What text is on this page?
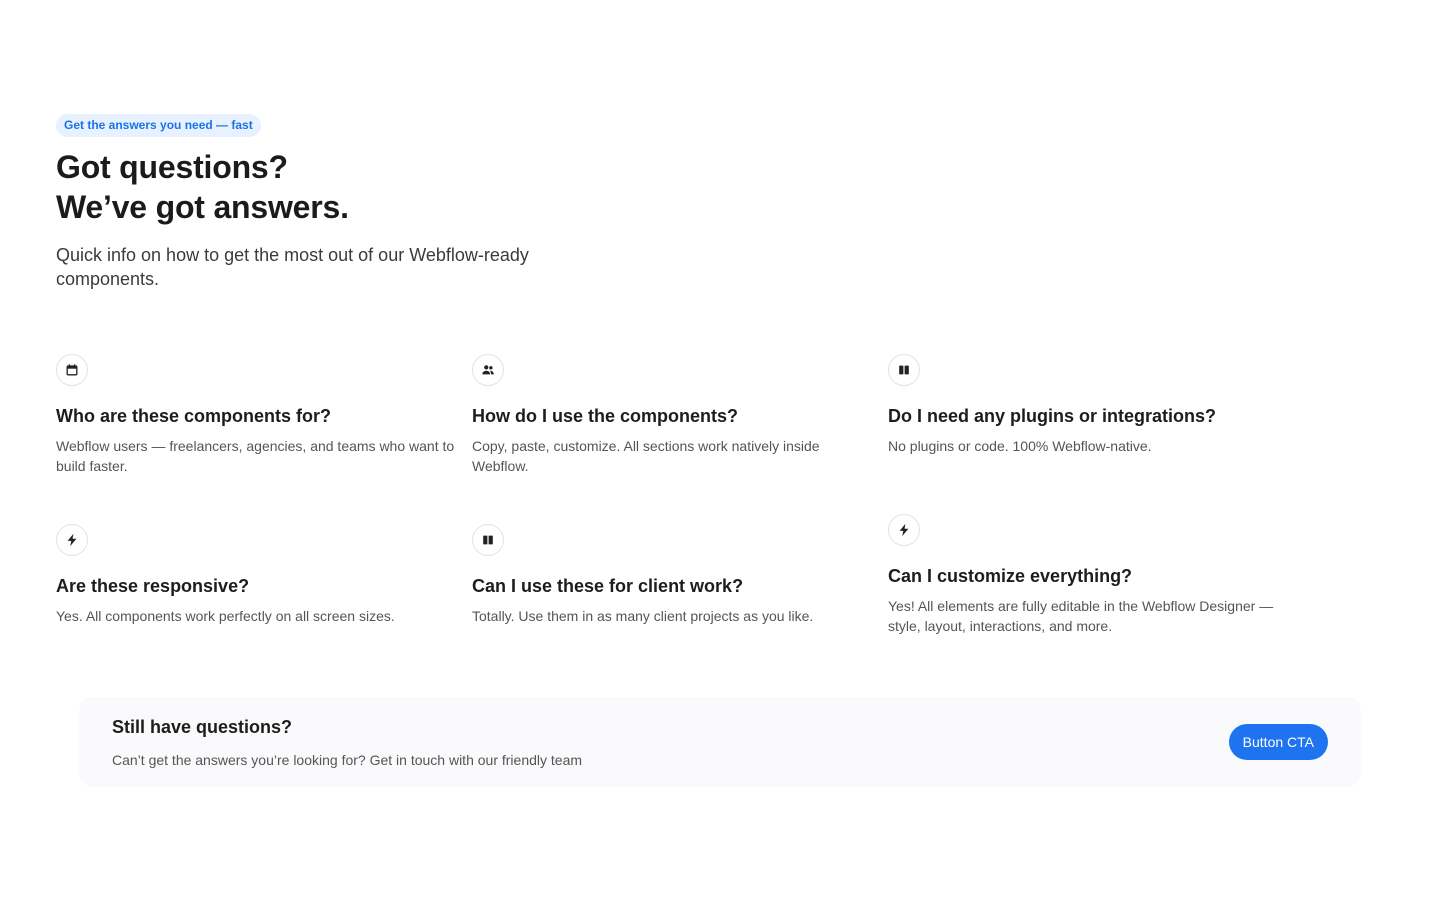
Get the answers you need — fast
Got questions?
We’ve got answers.

Quick info on how to get the most out of our Webflow-ready components.

Who are these components for?
Webflow users — freelancers, agencies, and teams who want to build faster.
How do I use the components?
Copy, paste, customize. All sections work natively inside Webflow.
Do I need any plugins or integrations?
No plugins or code. 100% Webflow-native.
Are these responsive?
Yes. All components work perfectly on all screen sizes.
Can I use these for client work?
Totally. Use them in as many client projects as you like.
Can I customize everything?
Yes! All elements are fully editable in the Webflow Designer — style, layout, interactions, and more.
Still have questions?
Can’t get the answers you’re looking for? Get in touch with our friendly team
Button CTA
